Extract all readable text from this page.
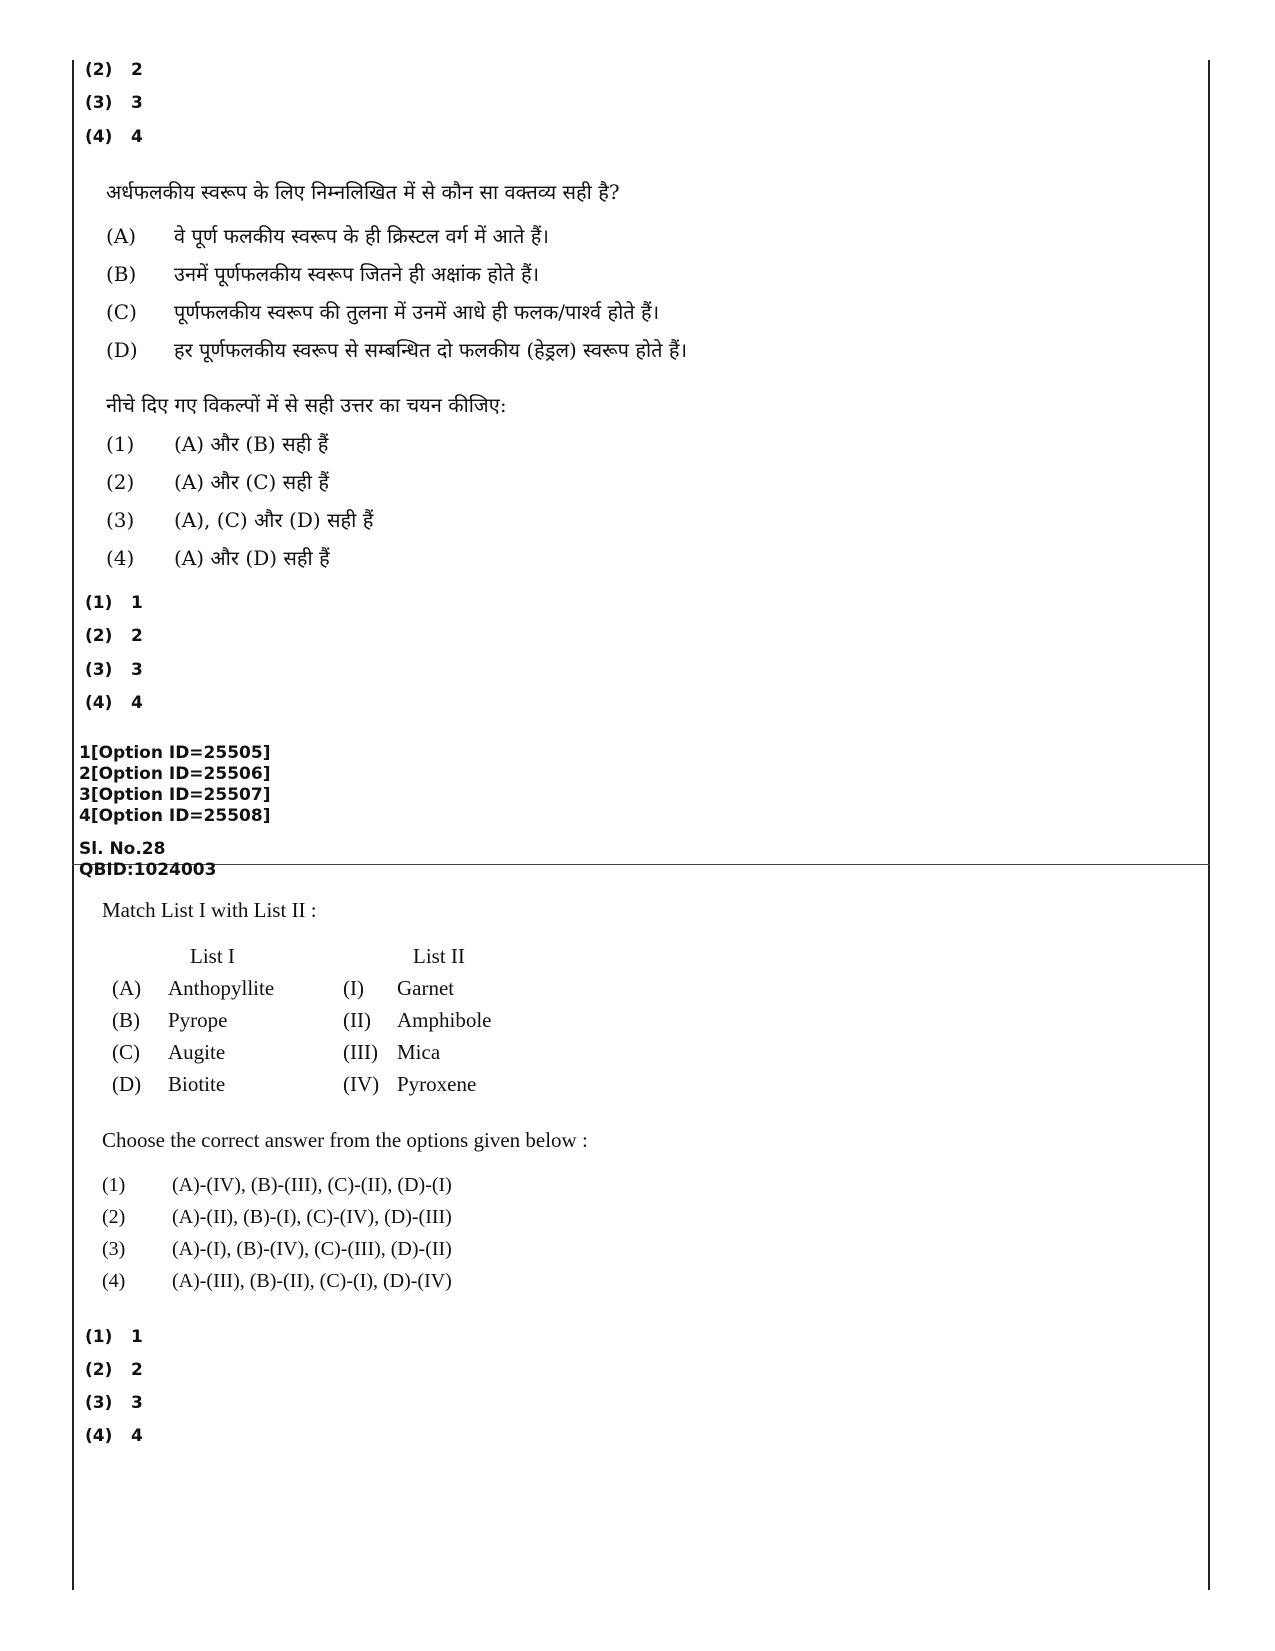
(2) 2
(3) 3
(4) 4
अर्धफलकीय स्वरूप के लिए निम्नलिखित में से कौन सा वक्तव्य सही है?
(A) वे पूर्ण फलकीय स्वरूप के ही क्रिस्टल वर्ग में आते हैं।
(B) उनमें पूर्णफलकीय स्वरूप जितने ही अक्षांक होते हैं।
(C) पूर्णफलकीय स्वरूप की तुलना में उनमें आधे ही फलक/पार्श्व होते हैं।
(D) हर पूर्णफलकीय स्वरूप से सम्बन्धित दो फलकीय (हेड्रल) स्वरूप होते हैं।
नीचे दिए गए विकल्पों में से सही उत्तर का चयन कीजिए:
(1) (A) और (B) सही हैं
(2) (A) और (C) सही हैं
(3) (A), (C) और (D) सही हैं
(4) (A) और (D) सही हैं
(1) 1
(2) 2
(3) 3
(4) 4
1[Option ID=25505]
2[Option ID=25506]
3[Option ID=25507]
4[Option ID=25508]
Sl. No.28
QBID:1024003
Match List I with List II :
List I	List II
(A) Anthopyllite	(I) Garnet
(B) Pyrope	(II) Amphibole
(C) Augite	(III) Mica
(D) Biotite	(IV) Pyroxene
Choose the correct answer from the options given below :
(1) (A)-(IV), (B)-(III), (C)-(II), (D)-(I)
(2) (A)-(II), (B)-(I), (C)-(IV), (D)-(III)
(3) (A)-(I), (B)-(IV), (C)-(III), (D)-(II)
(4) (A)-(III), (B)-(II), (C)-(I), (D)-(IV)
(1) 1
(2) 2
(3) 3
(4) 4
